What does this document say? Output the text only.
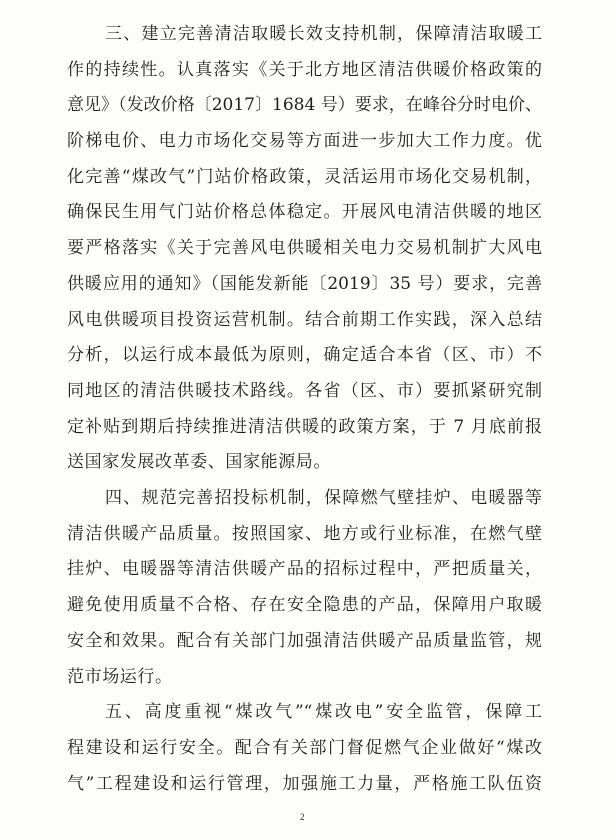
三、建立完善清洁取暖长效支持机制，保障清洁取暖工
作的持续性。认真落实《关于北方地区清洁供暖价格政策的
意见》（发改价格〔2017〕1684 号）要求，在峰谷分时电价、
阶梯电价、电力市场化交易等方面进一步加大工作力度。优
化完善“煤改气”门站价格政策，灵活运用市场化交易机制，
确保民生用气门站价格总体稳定。开展风电清洁供暖的地区
要严格落实《关于完善风电供暖相关电力交易机制扩大风电
供暖应用的通知》（国能发新能〔2019〕35 号）要求，完善
风电供暖项目投资运营机制。结合前期工作实践，深入总结
分析，以运行成本最低为原则，确定适合本省（区、市）不
同地区的清洁供暖技术路线。各省（区、市）要抓紧研究制
定补贴到期后持续推进清洁供暖的政策方案，于 7 月底前报
送国家发展改革委、国家能源局。
四、规范完善招投标机制，保障燃气壁挂炉、电暖器等
清洁供暖产品质量。按照国家、地方或行业标准，在燃气壁
挂炉、电暖器等清洁供暖产品的招标过程中，严把质量关，
避免使用质量不合格、存在安全隐患的产品，保障用户取暖
安全和效果。配合有关部门加强清洁供暖产品质量监管，规
范市场运行。
五、高度重视“煤改气”“煤改电”安全监管，保障工
程建设和运行安全。配合有关部门督促燃气企业做好“煤改
气”工程建设和运行管理，加强施工力量，严格施工队伍资
2
